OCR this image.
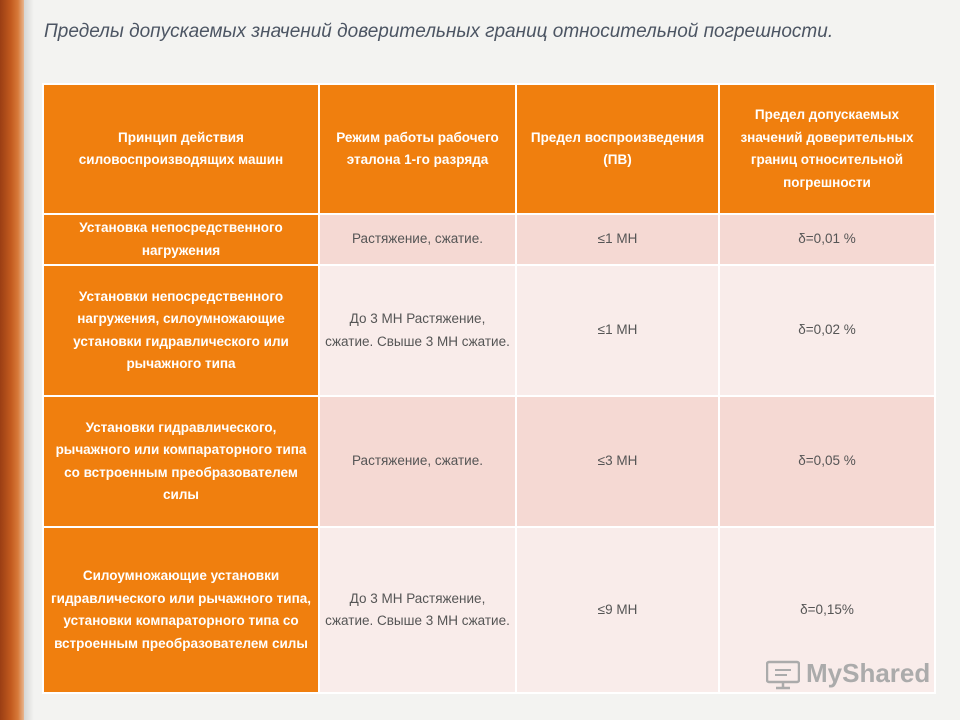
Пределы допускаемых значений доверительных границ относительной погрешности.
Принцип действия силовоспроизводящих машин	Режим работы рабочего эталона 1-го разряда	Предел воспроизведения (ПВ)	Предел допускаемых значений доверительных границ относительной погрешности
Установка непосредственного нагружения	Растяжение, сжатие.	≤1 МН	δ=0,01 %
Установки непосредственного нагружения, силоумножающие установки гидравлического или рычажного типа	До 3 МН Растяжение, сжатие. Свыше 3 МН сжатие.	≤1 МН	δ=0,02 %
Установки гидравлического, рычажного или компараторного типа со встроенным преобразователем силы	Растяжение, сжатие.	≤3 МН	δ=0,05 %
Силоумножающие установки гидравлического или рычажного типа, установки компараторного типа со встроенным преобразователем силы	До 3 МН Растяжение, сжатие. Свыше 3 МН сжатие.	≤9 МН	δ=0,15%
MyShared
